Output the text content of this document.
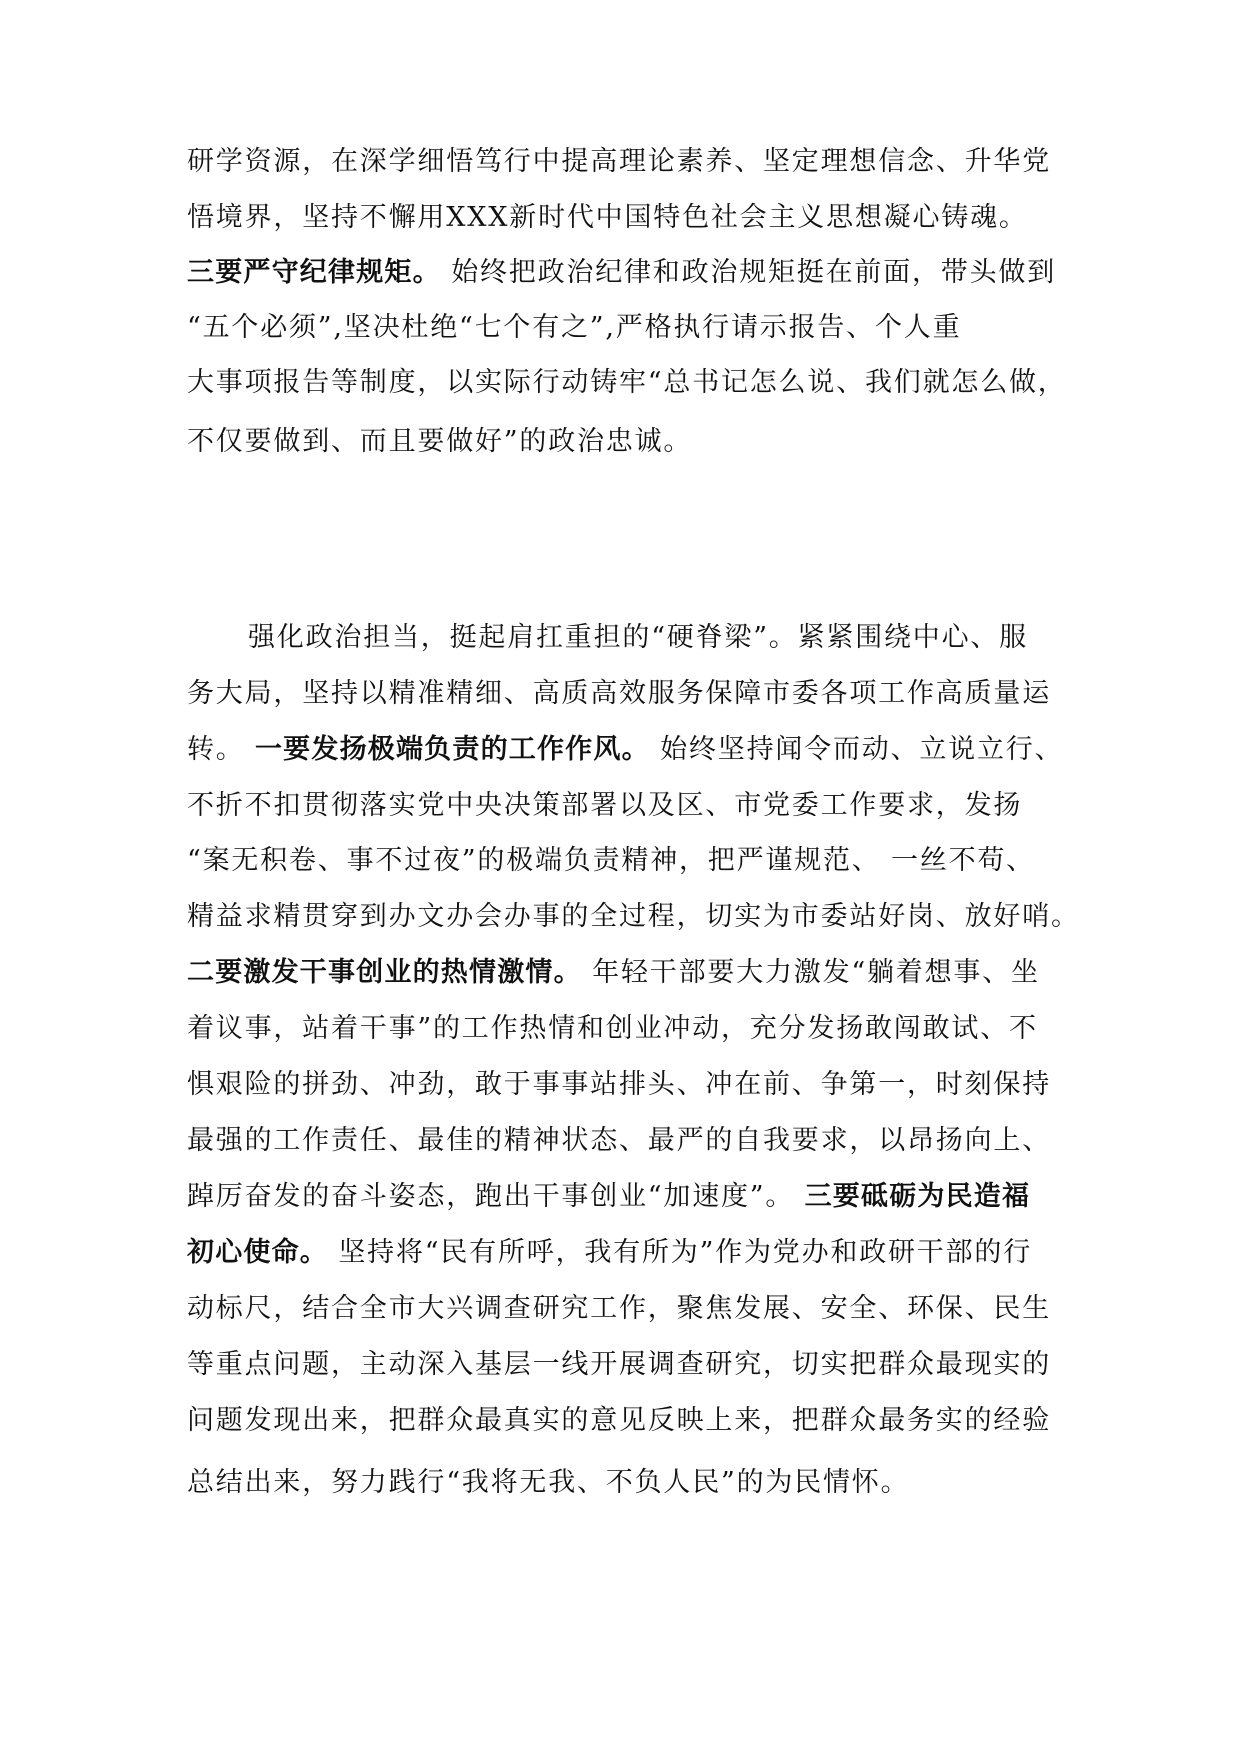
研学资源，在深学细悟笃行中提高理论素养、坚定理想信念、升华党
悟境界，坚持不懈用XXX新时代中国特色社会主义思想凝心铸魂。
三要严守纪律规矩。 始终把政治纪律和政治规矩挺在前面，带头做到
“五个必须”,坚决杜绝“七个有之”,严格执行请示报告、个人重
大事项报告等制度，以实际行动铸牢“总书记怎么说、我们就怎么做，
不仅要做到、而且要做好”的政治忠诚。
强化政治担当，挺起肩扛重担的“硬脊梁”。紧紧围绕中心、服
务大局，坚持以精准精细、高质高效服务保障市委各项工作高质量运
转。 一要发扬极端负责的工作作风。 始终坚持闻令而动、立说立行、
不折不扣贯彻落实党中央决策部署以及区、市党委工作要求，发扬
“案无积卷、事不过夜”的极端负责精神，把严谨规范、 一丝不苟、
精益求精贯穿到办文办会办事的全过程，切实为市委站好岗、放好哨。
二要激发干事创业的热情激情。 年轻干部要大力激发“躺着想事、坐
着议事，站着干事”的工作热情和创业冲动，充分发扬敢闯敢试、不
惧艰险的拼劲、冲劲，敢于事事站排头、冲在前、争第一，时刻保持
最强的工作责任、最佳的精神状态、最严的自我要求，以昂扬向上、
踔厉奋发的奋斗姿态，跑出干事创业“加速度”。 三要砥砺为民造福
初心使命。 坚持将“民有所呼，我有所为”作为党办和政研干部的行
动标尺，结合全市大兴调查研究工作，聚焦发展、安全、环保、民生
等重点问题，主动深入基层一线开展调查研究，切实把群众最现实的
问题发现出来，把群众最真实的意见反映上来，把群众最务实的经验
总结出来，努力践行“我将无我、不负人民”的为民情怀。
